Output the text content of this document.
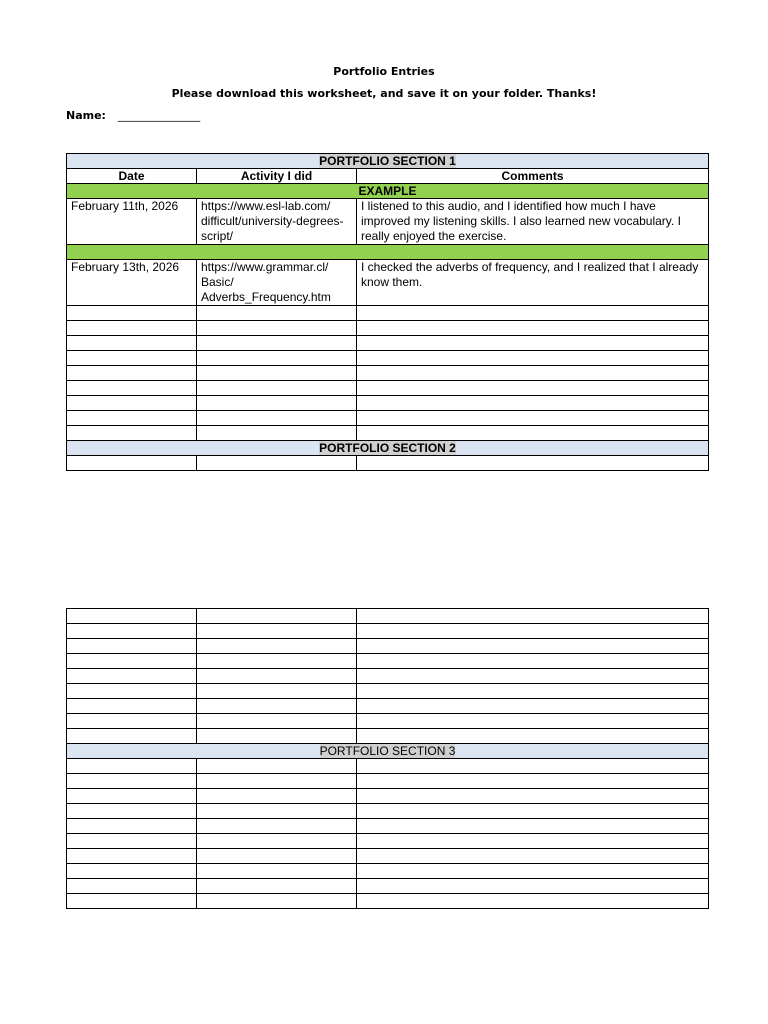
Portfolio Entries
Please download this worksheet, and save it on your folder. Thanks!
Name: _______________
PORTFOLIO SECTION 1		
Date	Activity I did	Comments
EXAMPLE		
February 11th, 2026	https://www.esl-lab.com/ difficult/university-degrees-script/	I listened to this audio, and I identified how much I have improved my listening skills. I also learned new vocabulary. I really enjoyed the exercise.

February 13th, 2026	https://www.grammar.cl/ Basic/ Adverbs_Frequency.htm	I checked the adverbs of frequency, and I realized that I already know them.

PORTFOLIO SECTION 2		

PORTFOLIO SECTION 3		
